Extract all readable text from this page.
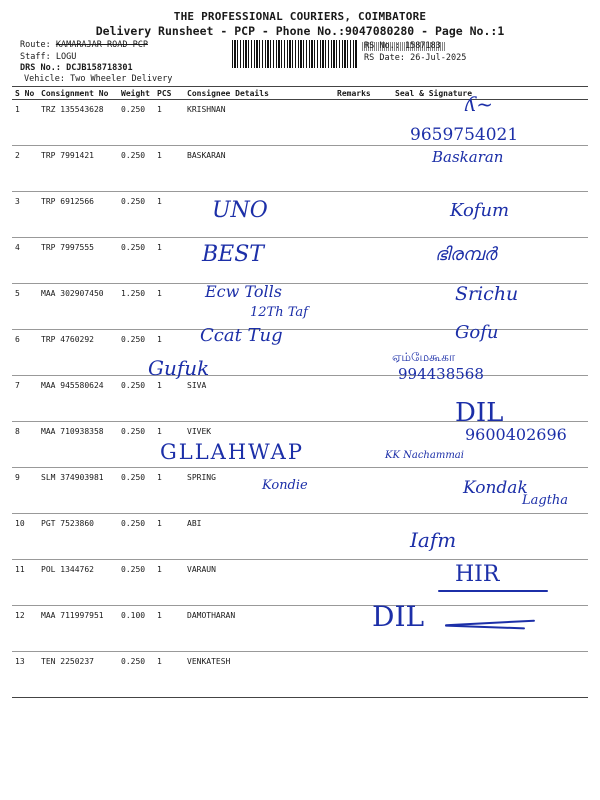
THE PROFESSIONAL COURIERS, COIMBATORE
Delivery Runsheet - PCP - Phone No.:9047080280 - Page No.:1
Route: KAMARAJAR ROAD PCP
Staff: LOGU
DRS No.: DCJB158718301
Vehicle: Two Wheeler Delivery
RS No.: 1587183
RS Date: 26-Jul-2025
S No	Consignment No	Weight	PCS	Consignee Details	Remarks	Seal & Signature
1	TRZ 135543628	0.250	1	KRISHNAN		
2	TRP 7991421	0.250	1	BASKARAN		
3	TRP 6912566	0.250	1			
4	TRP 7997555	0.250	1			
5	MAA 302907450	1.250	1			
6	TRP 4760292	0.250	1			
7	MAA 945580624	0.250	1	SIVA		
8	MAA 710938358	0.250	1	VIVEK		
9	SLM 374903981	0.250	1	SPRING		
10	PGT 7523860	0.250	1	ABI		
11	POL 1344762	0.250	1	VARAUN		
12	MAA 711997951	0.100	1	DAMOTHARAN		
13	TEN 2250237	0.250	1	VENKATESH		
ʎ~
9659754021
Baskaran
UNO	Kofum
BEST	ഭിരമ്പർ
Ecw Tolls	Srichu
12Th Taf
Ccat Tug	Gofu
Gufuk	ஏம்மேகூகா
994438568
DIL
GLLAHWAP
9600402696
KK Nachammai
Kondie	Kondak
Lagtha
Iafm
HIR
DIL
